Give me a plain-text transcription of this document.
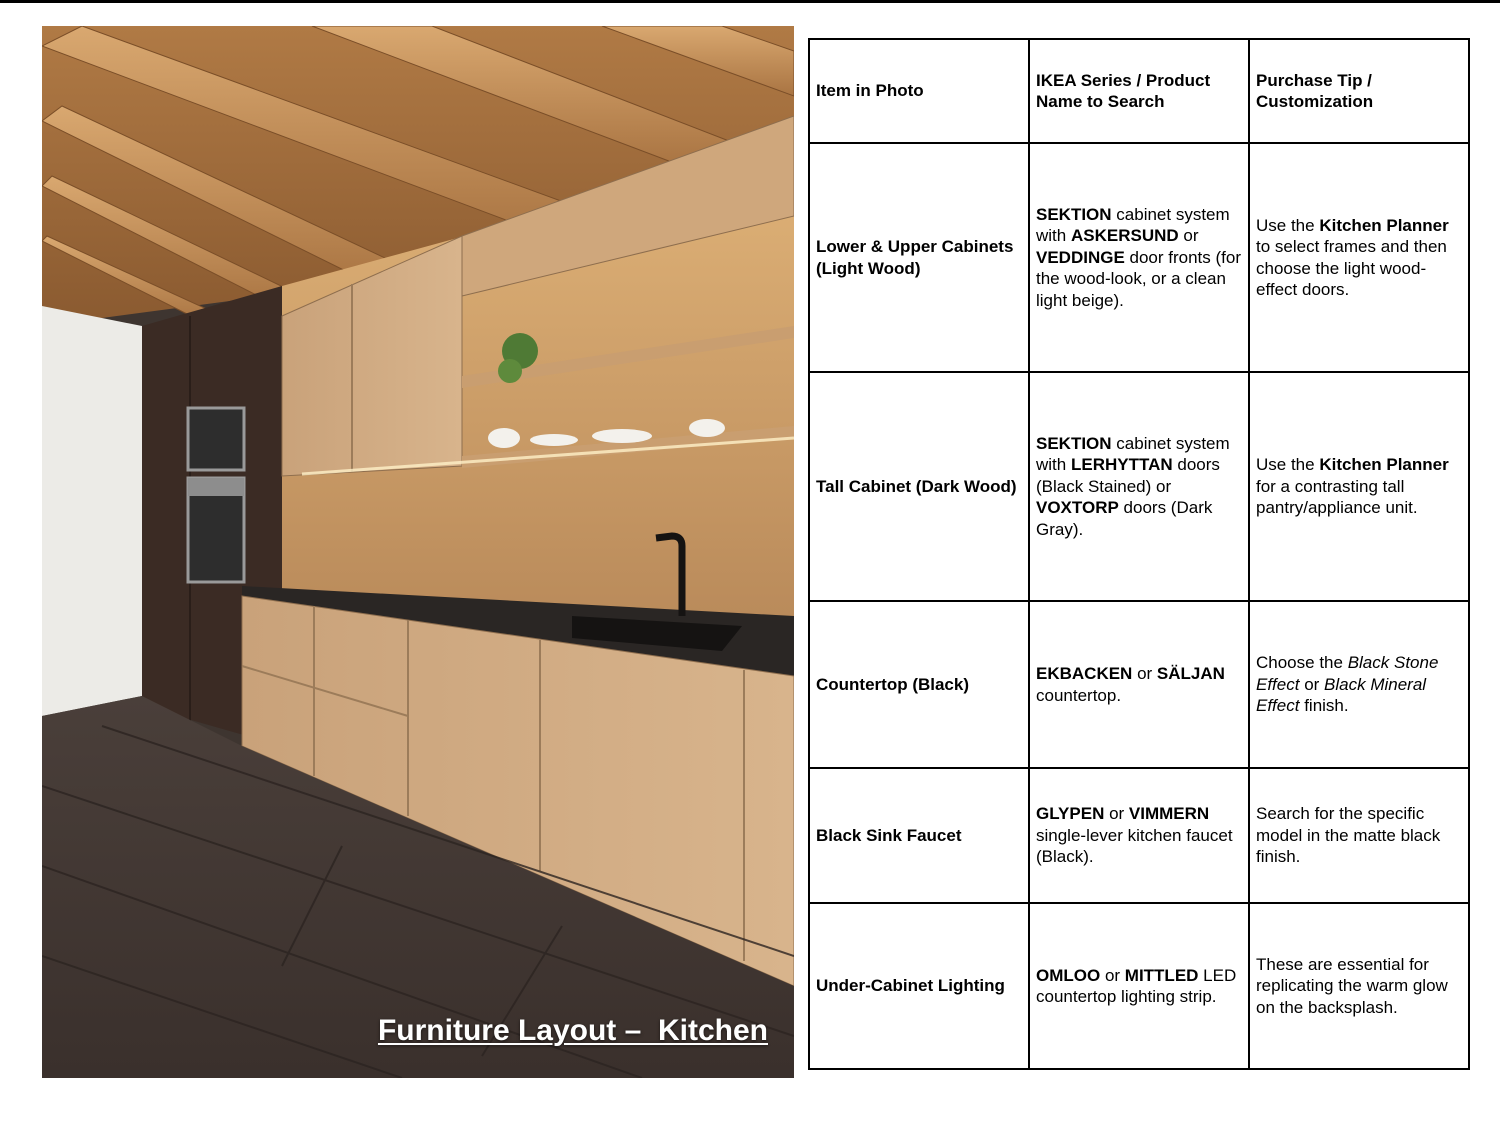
Furniture Layout –  Kitchen
Item in Photo	IKEA Series / Product Name to Search	Purchase Tip / Customization
Lower & Upper Cabinets (Light Wood)	SEKTION cabinet system with ASKERSUND or VEDDINGE door fronts (for the wood-look, or a clean light beige).	Use the Kitchen Planner to select frames and then choose the light wood-effect doors.
Tall Cabinet (Dark Wood)	SEKTION cabinet system with LERHYTTAN doors (Black Stained) or VOXTORP doors (Dark Gray).	Use the Kitchen Planner for a contrasting tall pantry/appliance unit.
Countertop (Black)	EKBACKEN or SÄLJAN countertop.	Choose the Black Stone Effect or Black Mineral Effect finish.
Black Sink Faucet	GLYPEN or VIMMERN single-lever kitchen faucet (Black).	Search for the specific model in the matte black finish.
Under-Cabinet Lighting	OMLOO or MITTLED LED countertop lighting strip.	These are essential for replicating the warm glow on the backsplash.
